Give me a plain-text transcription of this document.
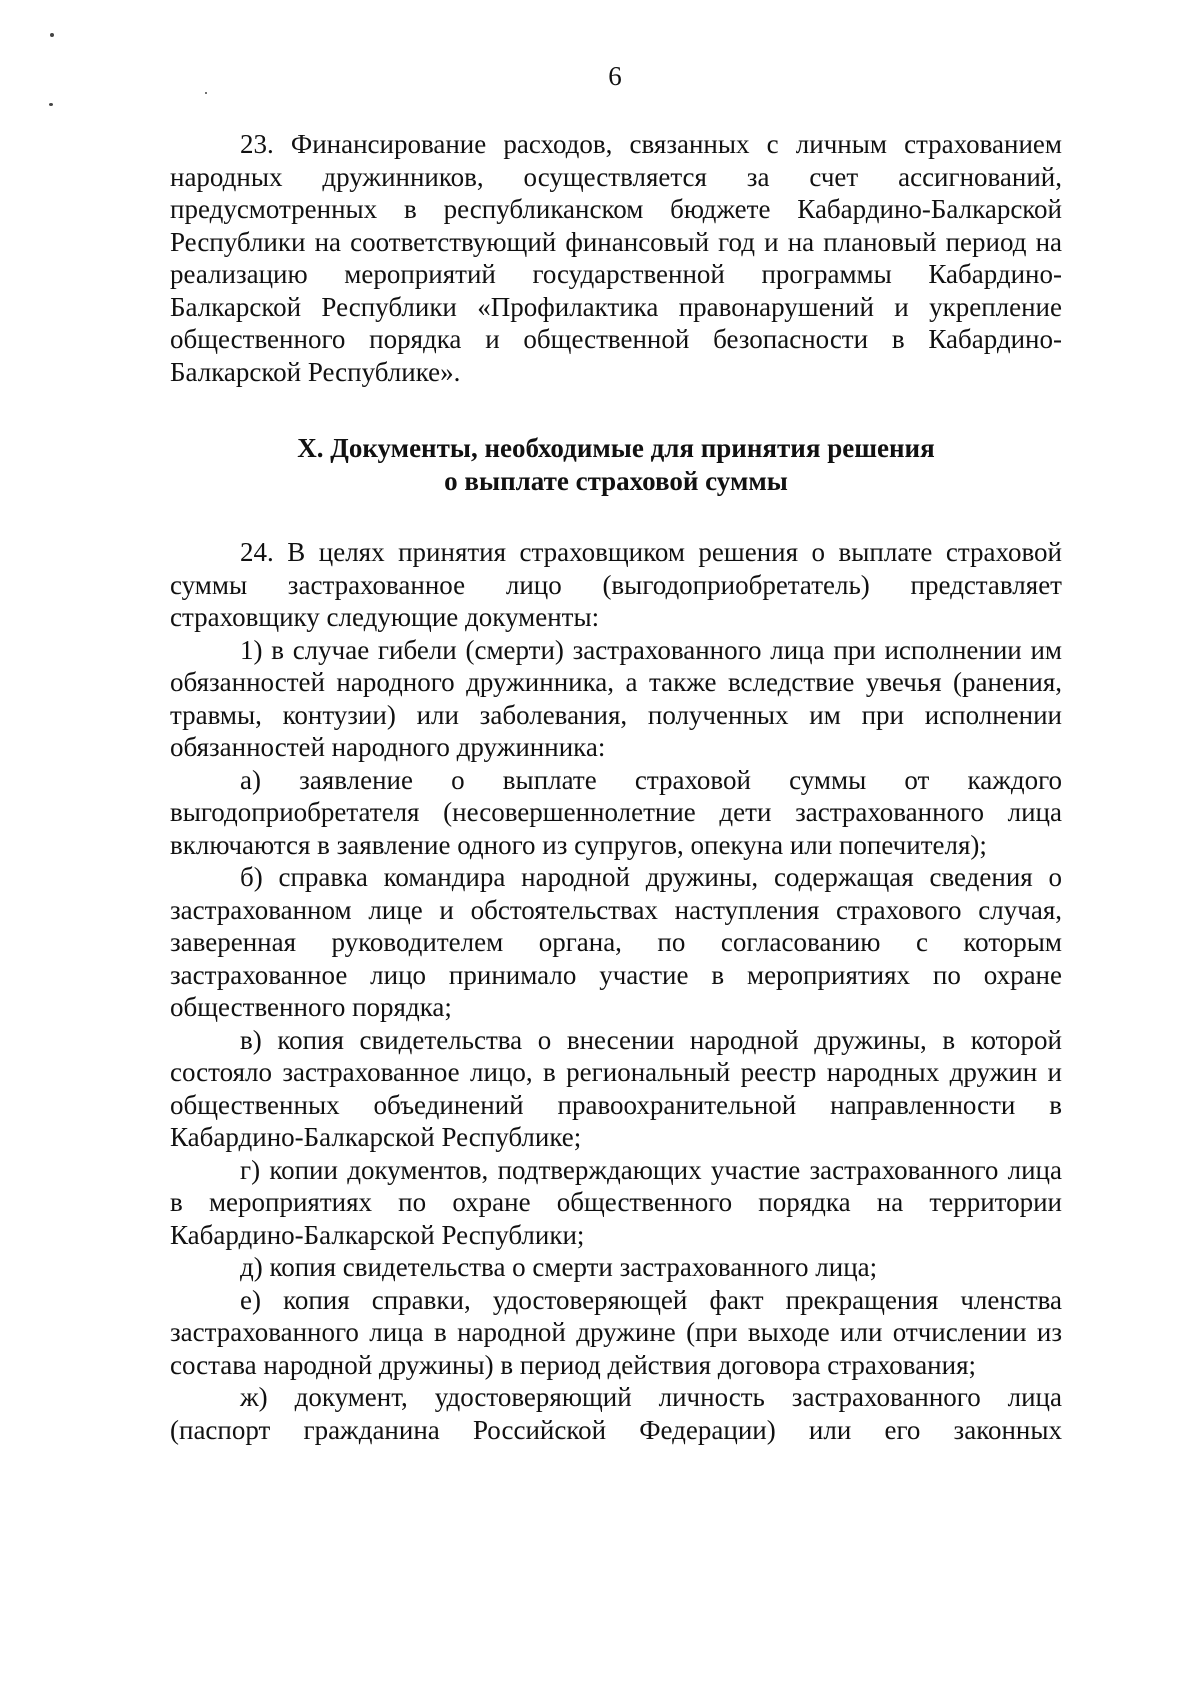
6

23. Финансирование расходов, связанных с личным страхованием народных дружинников, осуществляется за счет ассигнований, предусмотренных в республиканском бюджете Кабардино-Балкарской Республики на соответствующий финансовый год и на плановый период на реализацию мероприятий государственной программы Кабардино-Балкарской Республики «Профилактика правонарушений и укрепление общественного порядка и общественной безопасности в Кабардино-Балкарской Республике».

X. Документы, необходимые для принятия решения
о выплате страховой суммы

24. В целях принятия страховщиком решения о выплате страховой суммы застрахованное лицо (выгодоприобретатель) представляет страховщику следующие документы:

1) в случае гибели (смерти) застрахованного лица при исполнении им обязанностей народного дружинника, а также вследствие увечья (ранения, травмы, контузии) или заболевания, полученных им при исполнении обязанностей народного дружинника:

а) заявление о выплате страховой суммы от каждого выгодоприобретателя (несовершеннолетние дети застрахованного лица включаются в заявление одного из супругов, опекуна или попечителя);

б) справка командира народной дружины, содержащая сведения о застрахованном лице и обстоятельствах наступления страхового случая, заверенная руководителем органа, по согласованию с которым застрахованное лицо принимало участие в мероприятиях по охране общественного порядка;

в) копия свидетельства о внесении народной дружины, в которой состояло застрахованное лицо, в региональный реестр народных дружин и общественных объединений правоохранительной направленности в Кабардино-Балкарской Республике;

г) копии документов, подтверждающих участие застрахованного лица в мероприятиях по охране общественного порядка на территории Кабардино-Балкарской Республики;

д) копия свидетельства о смерти застрахованного лица;

е) копия справки, удостоверяющей факт прекращения членства застрахованного лица в народной дружине (при выходе или отчислении из состава народной дружины) в период действия договора страхования;

ж) документ, удостоверяющий личность застрахованного лица (паспорт гражданина Российской Федерации) или его законных
